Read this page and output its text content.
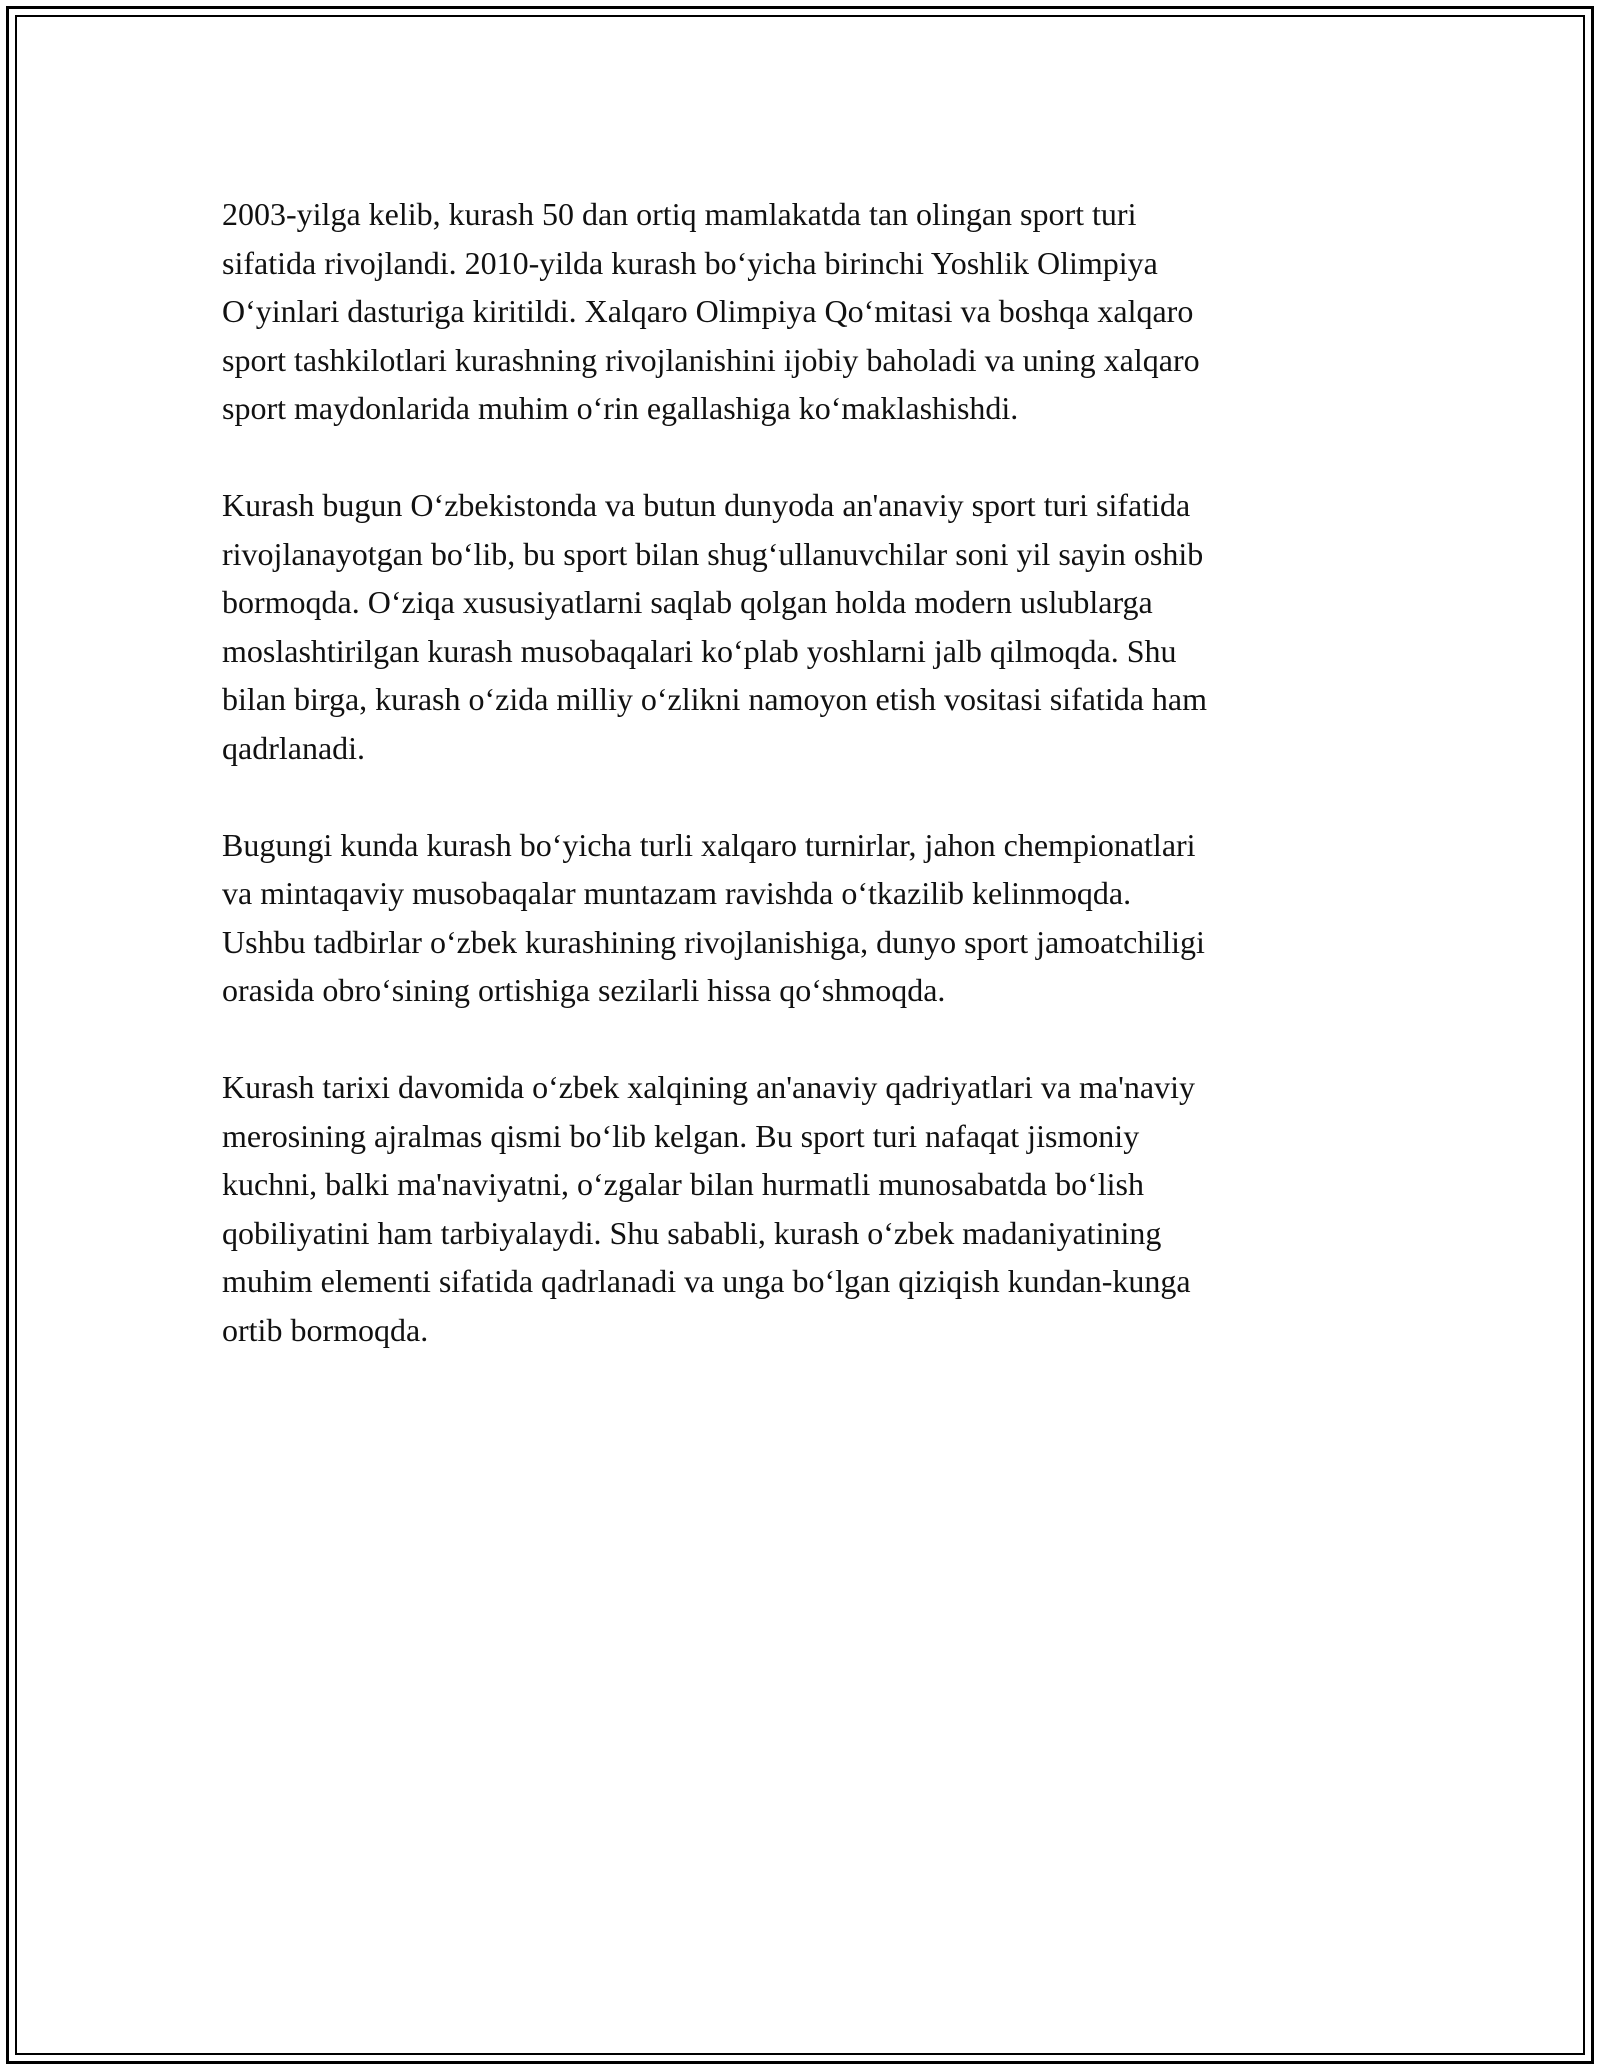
2003-yilga kelib, kurash 50 dan ortiq mamlakatda tan olingan sport turi
sifatida rivojlandi. 2010-yilda kurash bo‘yicha birinchi Yoshlik Olimpiya
O‘yinlari dasturiga kiritildi. Xalqaro Olimpiya Qo‘mitasi va boshqa xalqaro
sport tashkilotlari kurashning rivojlanishini ijobiy baholadi va uning xalqaro
sport maydonlarida muhim o‘rin egallashiga ko‘maklashishdi.
Kurash bugun O‘zbekistonda va butun dunyoda an'anaviy sport turi sifatida
rivojlanayotgan bo‘lib, bu sport bilan shug‘ullanuvchilar soni yil sayin oshib
bormoqda. O‘ziqa xususiyatlarni saqlab qolgan holda modern uslublarga
moslashtirilgan kurash musobaqalari ko‘plab yoshlarni jalb qilmoqda. Shu
bilan birga, kurash o‘zida milliy o‘zlikni namoyon etish vositasi sifatida ham
qadrlanadi.
Bugungi kunda kurash bo‘yicha turli xalqaro turnirlar, jahon chempionatlari
va mintaqaviy musobaqalar muntazam ravishda o‘tkazilib kelinmoqda.
Ushbu tadbirlar o‘zbek kurashining rivojlanishiga, dunyo sport jamoatchiligi
orasida obro‘sining ortishiga sezilarli hissa qo‘shmoqda.
Kurash tarixi davomida o‘zbek xalqining an'anaviy qadriyatlari va ma'naviy
merosining ajralmas qismi bo‘lib kelgan. Bu sport turi nafaqat jismoniy
kuchni, balki ma'naviyatni, o‘zgalar bilan hurmatli munosabatda bo‘lish
qobiliyatini ham tarbiyalaydi. Shu sababli, kurash o‘zbek madaniyatining
muhim elementi sifatida qadrlanadi va unga bo‘lgan qiziqish kundan-kunga
ortib bormoqda.
